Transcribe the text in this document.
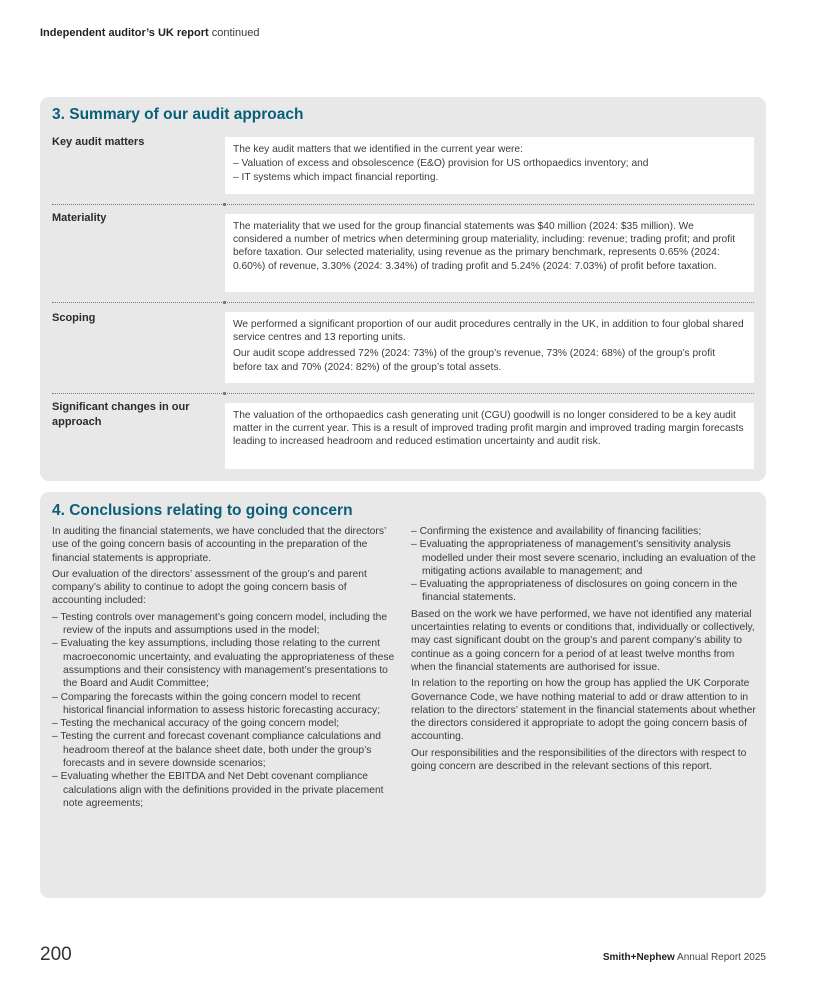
Independent auditor’s UK report continued
3. Summary of our audit approach
Key audit matters

The key audit matters that we identified in the current year were:

– Valuation of excess and obsolescence (E&O) provision for US orthopaedics inventory; and

– IT systems which impact financial reporting.

Materiality

The materiality that we used for the group financial statements was $40 million (2024: $35 million). We considered a number of metrics when determining group materiality, including: revenue; trading profit; and profit before taxation. Our selected materiality, using revenue as the primary benchmark, represents 0.65% (2024: 0.60%) of revenue, 3.30% (2024: 3.34%) of trading profit and 5.24% (2024: 7.03%) of profit before taxation.

Scoping

We performed a significant proportion of our audit procedures centrally in the UK, in addition to four global shared service centres and 13 reporting units.

Our audit scope addressed 72% (2024: 73%) of the group’s revenue, 73% (2024: 68%) of the group’s profit before tax and 70% (2024: 82%) of the group’s total assets.

Significant changes in our approach

The valuation of the orthopaedics cash generating unit (CGU) goodwill is no longer considered to be a key audit matter in the current year. This is a result of improved trading profit margin and improved trading margin forecasts leading to increased headroom and reduced estimation uncertainty and audit risk.

4. Conclusions relating to going concern

In auditing the financial statements, we have concluded that the directors’ use of the going concern basis of accounting in the preparation of the financial statements is appropriate.

Our evaluation of the directors’ assessment of the group’s and parent company’s ability to continue to adopt the going concern basis of accounting included:

– Testing controls over management’s going concern model, including the review of the inputs and assumptions used in the model;
– Evaluating the key assumptions, including those relating to the current macroeconomic uncertainty, and evaluating the appropriateness of these assumptions and their consistency with management’s presentations to the Board and Audit Committee;
– Comparing the forecasts within the going concern model to recent historical financial information to assess historic forecasting accuracy;
– Testing the mechanical accuracy of the going concern model;
– Testing the current and forecast covenant compliance calculations and headroom thereof at the balance sheet date, both under the group’s forecasts and in severe downside scenarios;
– Evaluating whether the EBITDA and Net Debt covenant compliance calculations align with the definitions provided in the private placement note agreements;
– Confirming the existence and availability of financing facilities;
– Evaluating the appropriateness of management’s sensitivity analysis modelled under their most severe scenario, including an evaluation of the mitigating actions available to management; and
– Evaluating the appropriateness of disclosures on going concern in the financial statements.

Based on the work we have performed, we have not identified any material uncertainties relating to events or conditions that, individually or collectively, may cast significant doubt on the group’s and parent company’s ability to continue as a going concern for a period of at least twelve months from when the financial statements are authorised for issue.

In relation to the reporting on how the group has applied the UK Corporate Governance Code, we have nothing material to add or draw attention to in relation to the directors’ statement in the financial statements about whether the directors considered it appropriate to adopt the going concern basis of accounting.

Our responsibilities and the responsibilities of the directors with respect to going concern are described in the relevant sections of this report.

200	Smith+Nephew Annual Report 2025
